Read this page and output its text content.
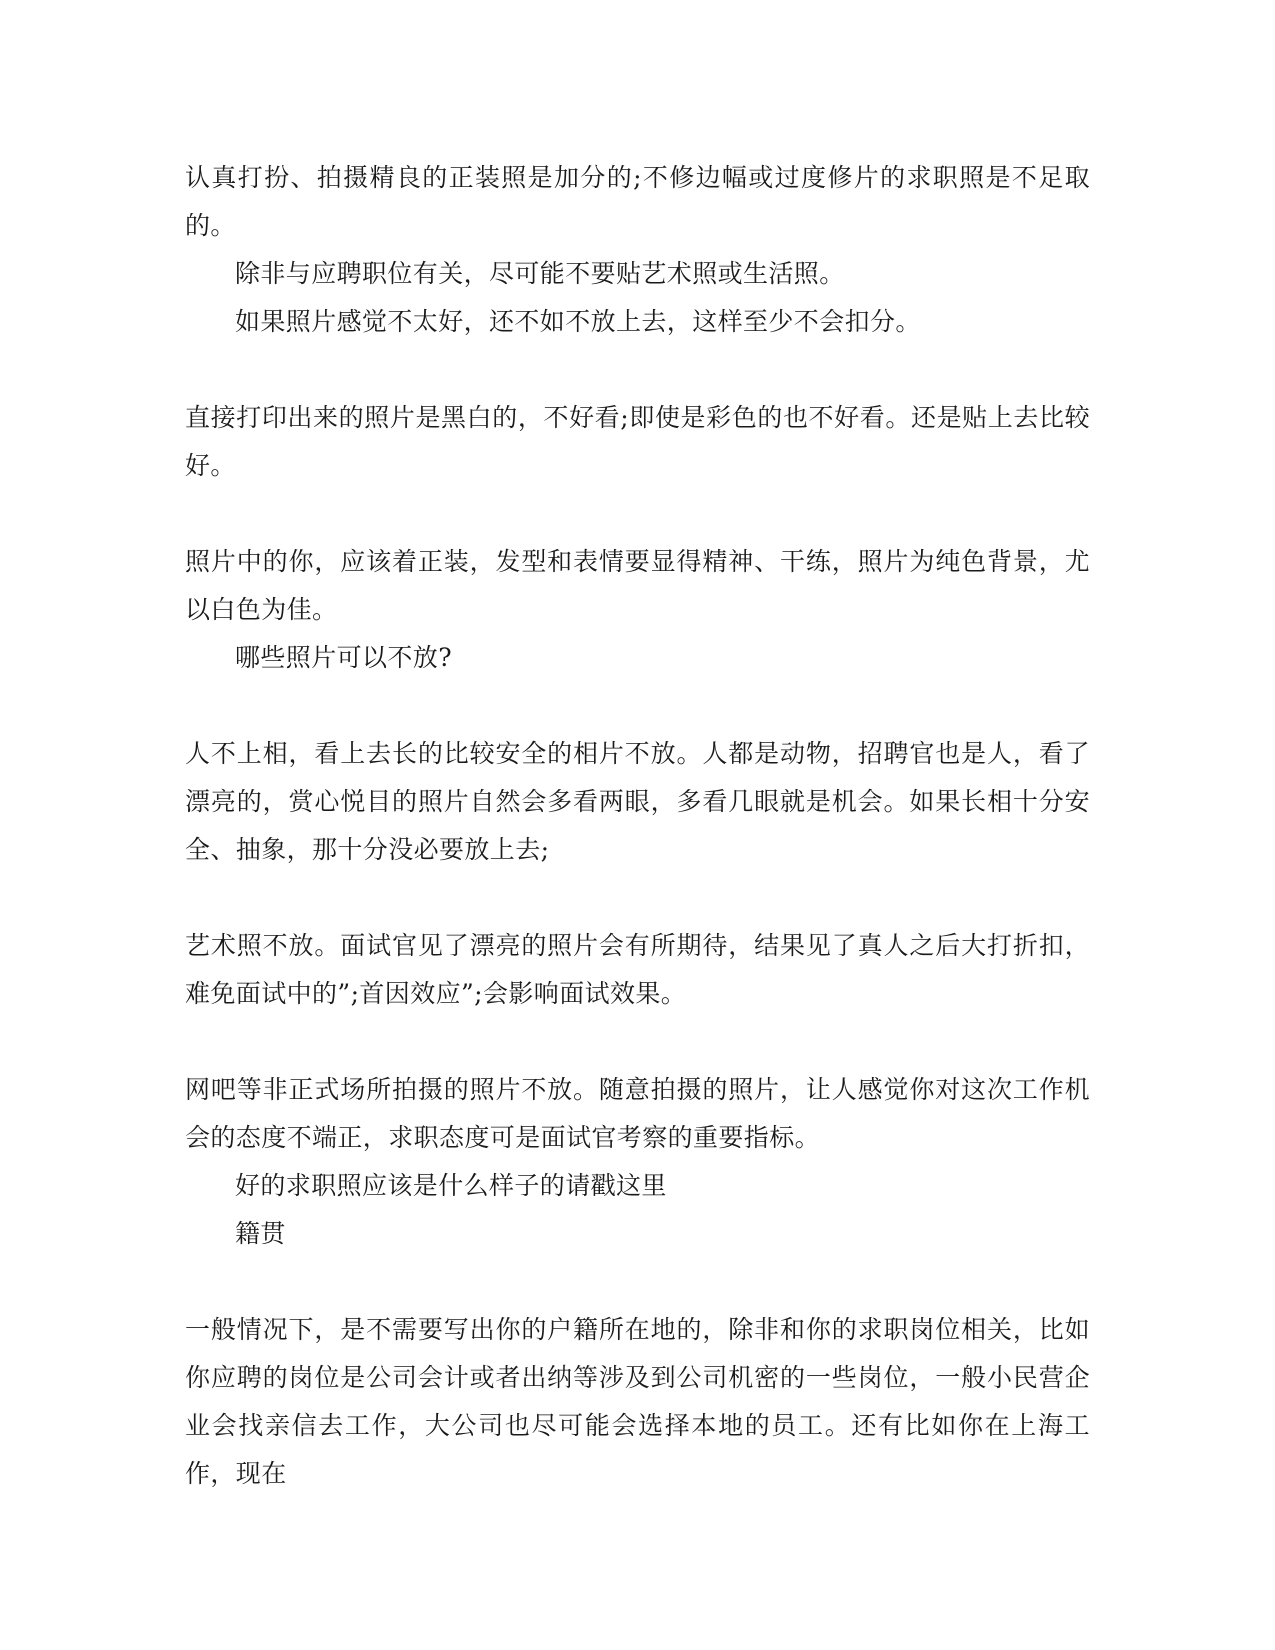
认真打扮、拍摄精良的正装照是加分的;不修边幅或过度修片的求职照是不足取的。

除非与应聘职位有关，尽可能不要贴艺术照或生活照。

如果照片感觉不太好，还不如不放上去，这样至少不会扣分。

直接打印出来的照片是黑白的，不好看;即使是彩色的也不好看。还是贴上去比较好。

照片中的你，应该着正装，发型和表情要显得精神、干练，照片为纯色背景，尤以白色为佳。

哪些照片可以不放?

人不上相，看上去长的比较安全的相片不放。人都是动物，招聘官也是人，看了漂亮的，赏心悦目的照片自然会多看两眼，多看几眼就是机会。如果长相十分安全、抽象，那十分没必要放上去;

艺术照不放。面试官见了漂亮的照片会有所期待，结果见了真人之后大打折扣，难免面试中的”;首因效应”;会影响面试效果。

网吧等非正式场所拍摄的照片不放。随意拍摄的照片，让人感觉你对这次工作机会的态度不端正，求职态度可是面试官考察的重要指标。

好的求职照应该是什么样子的请戳这里

籍贯

一般情况下，是不需要写出你的户籍所在地的，除非和你的求职岗位相关，比如你应聘的岗位是公司会计或者出纳等涉及到公司机密的一些岗位，一般小民营企业会找亲信去工作，大公司也尽可能会选择本地的员工。还有比如你在上海工作，现在
